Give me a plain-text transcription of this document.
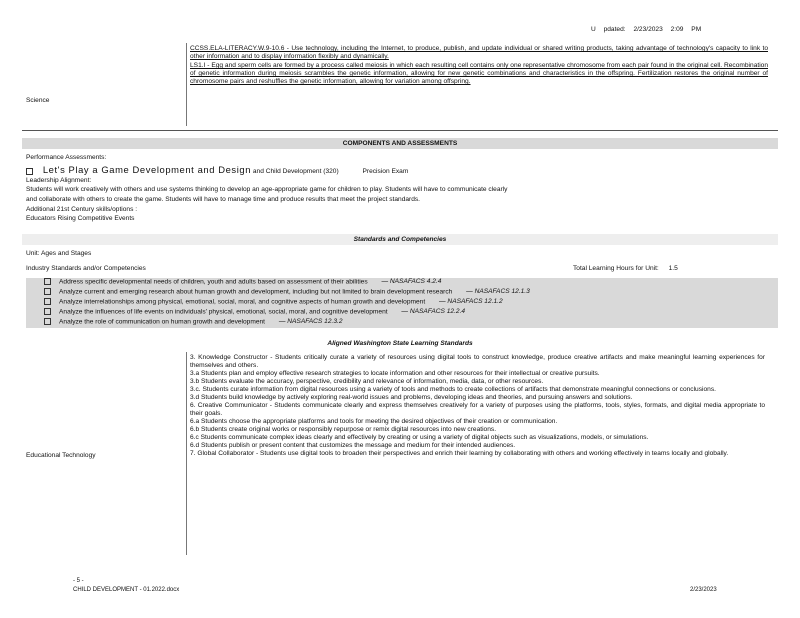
U pdated: 2/23/2023 2:09 PM
Science

CCSS.ELA-LITERACY.W.9-10.6 - Use technology, including the Internet, to produce, publish, and update individual or shared writing products, taking advantage of technology's capacity to link to other information and to display information flexibly and dynamically.

LS1.I - Egg and sperm cells are formed by a process called meiosis in which each resulting cell contains only one representative chromosome from each pair found in the original cell. Recombination of genetic information during meiosis scrambles the genetic information, allowing for new genetic combinations and characteristics in the offspring. Fertilization restores the original number of chromosome pairs and reshuffles the genetic information, allowing for variation among offspring.

COMPONENTS AND ASSESSMENTS
Performance Assessments:
Let's Play a Game Development and Design and Child Development (320)	Precision Exam
Leadership Alignment:
Students will work creatively with others and use systems thinking to develop an age-appropriate game for children to play. Students will have to communicate clearly
and collaborate with others to create the game. Students will have to manage time and produce results that meet the project standards.
Additional 21st Century skills/options :
Educators Rising Competitive Events
Standards and Competencies
Unit: Ages and Stages
Industry Standards and/or Competencies	Total Learning Hours for Unit: 1.5
Address specific developmental needs of children, youth and adults based on assessment of their abilities — NASAFACS 4.2.4
Analyze current and emerging research about human growth and development, including but not limited to brain development research — NASAFACS 12.1.3
Analyze interrelationships among physical, emotional, social, moral, and cognitive aspects of human growth and development — NASAFACS 12.1.2
Analyze the influences of life events on individuals' physical, emotional, social, moral, and cognitive development — NASAFACS 12.2.4
Analyze the role of communication on human growth and development — NASAFACS 12.3.2
Aligned Washington State Learning Standards
Educational Technology

3. Knowledge Constructor - Students critically curate a variety of resources using digital tools to construct knowledge, produce creative artifacts and make meaningful learning experiences for themselves and others.

3.a Students plan and employ effective research strategies to locate information and other resources for their intellectual or creative pursuits.

3.b Students evaluate the accuracy, perspective, credibility and relevance of information, media, data, or other resources.

3.c. Students curate information from digital resources using a variety of tools and methods to create collections of artifacts that demonstrate meaningful connections or conclusions.

3.d Students build knowledge by actively exploring real-world issues and problems, developing ideas and theories, and pursuing answers and solutions.

6. Creative Communicator - Students communicate clearly and express themselves creatively for a variety of purposes using the platforms, tools, styles, formats, and digital media appropriate to their goals.

6.a Students choose the appropriate platforms and tools for meeting the desired objectives of their creation or communication.

6.b Students create original works or responsibly repurpose or remix digital resources into new creations.

6.c Students communicate complex ideas clearly and effectively by creating or using a variety of digital objects such as visualizations, models, or simulations.

6.d Students publish or present content that customizes the message and medium for their intended audiences.

7. Global Collaborator - Students use digital tools to broaden their perspectives and enrich their learning by collaborating with others and working effectively in teams locally and globally.

- 5 -
CHILD DEVELOPMENT - 01.2022.docx	2/23/2023
